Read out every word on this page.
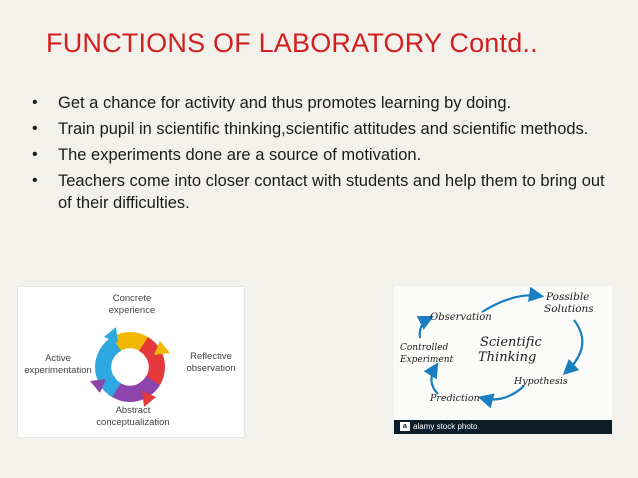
FUNCTIONS OF LABORATORY Contd..
• Get a chance for activity and thus promotes learning by doing.
• Train pupil in scientific thinking,scientific attitudes and scientific methods.
• The experiments done are a source of motivation.
• Teachers come into closer contact with students and help them to bring out of their difficulties.
Concrete
experience
Reflective
observation
Abstract
conceptualization
Active
experimentation
Possible
Solutions
Observation
Scientific
Thinking
Controlled
Experiment
Hypothesis
Prediction
a alamy stock photo
